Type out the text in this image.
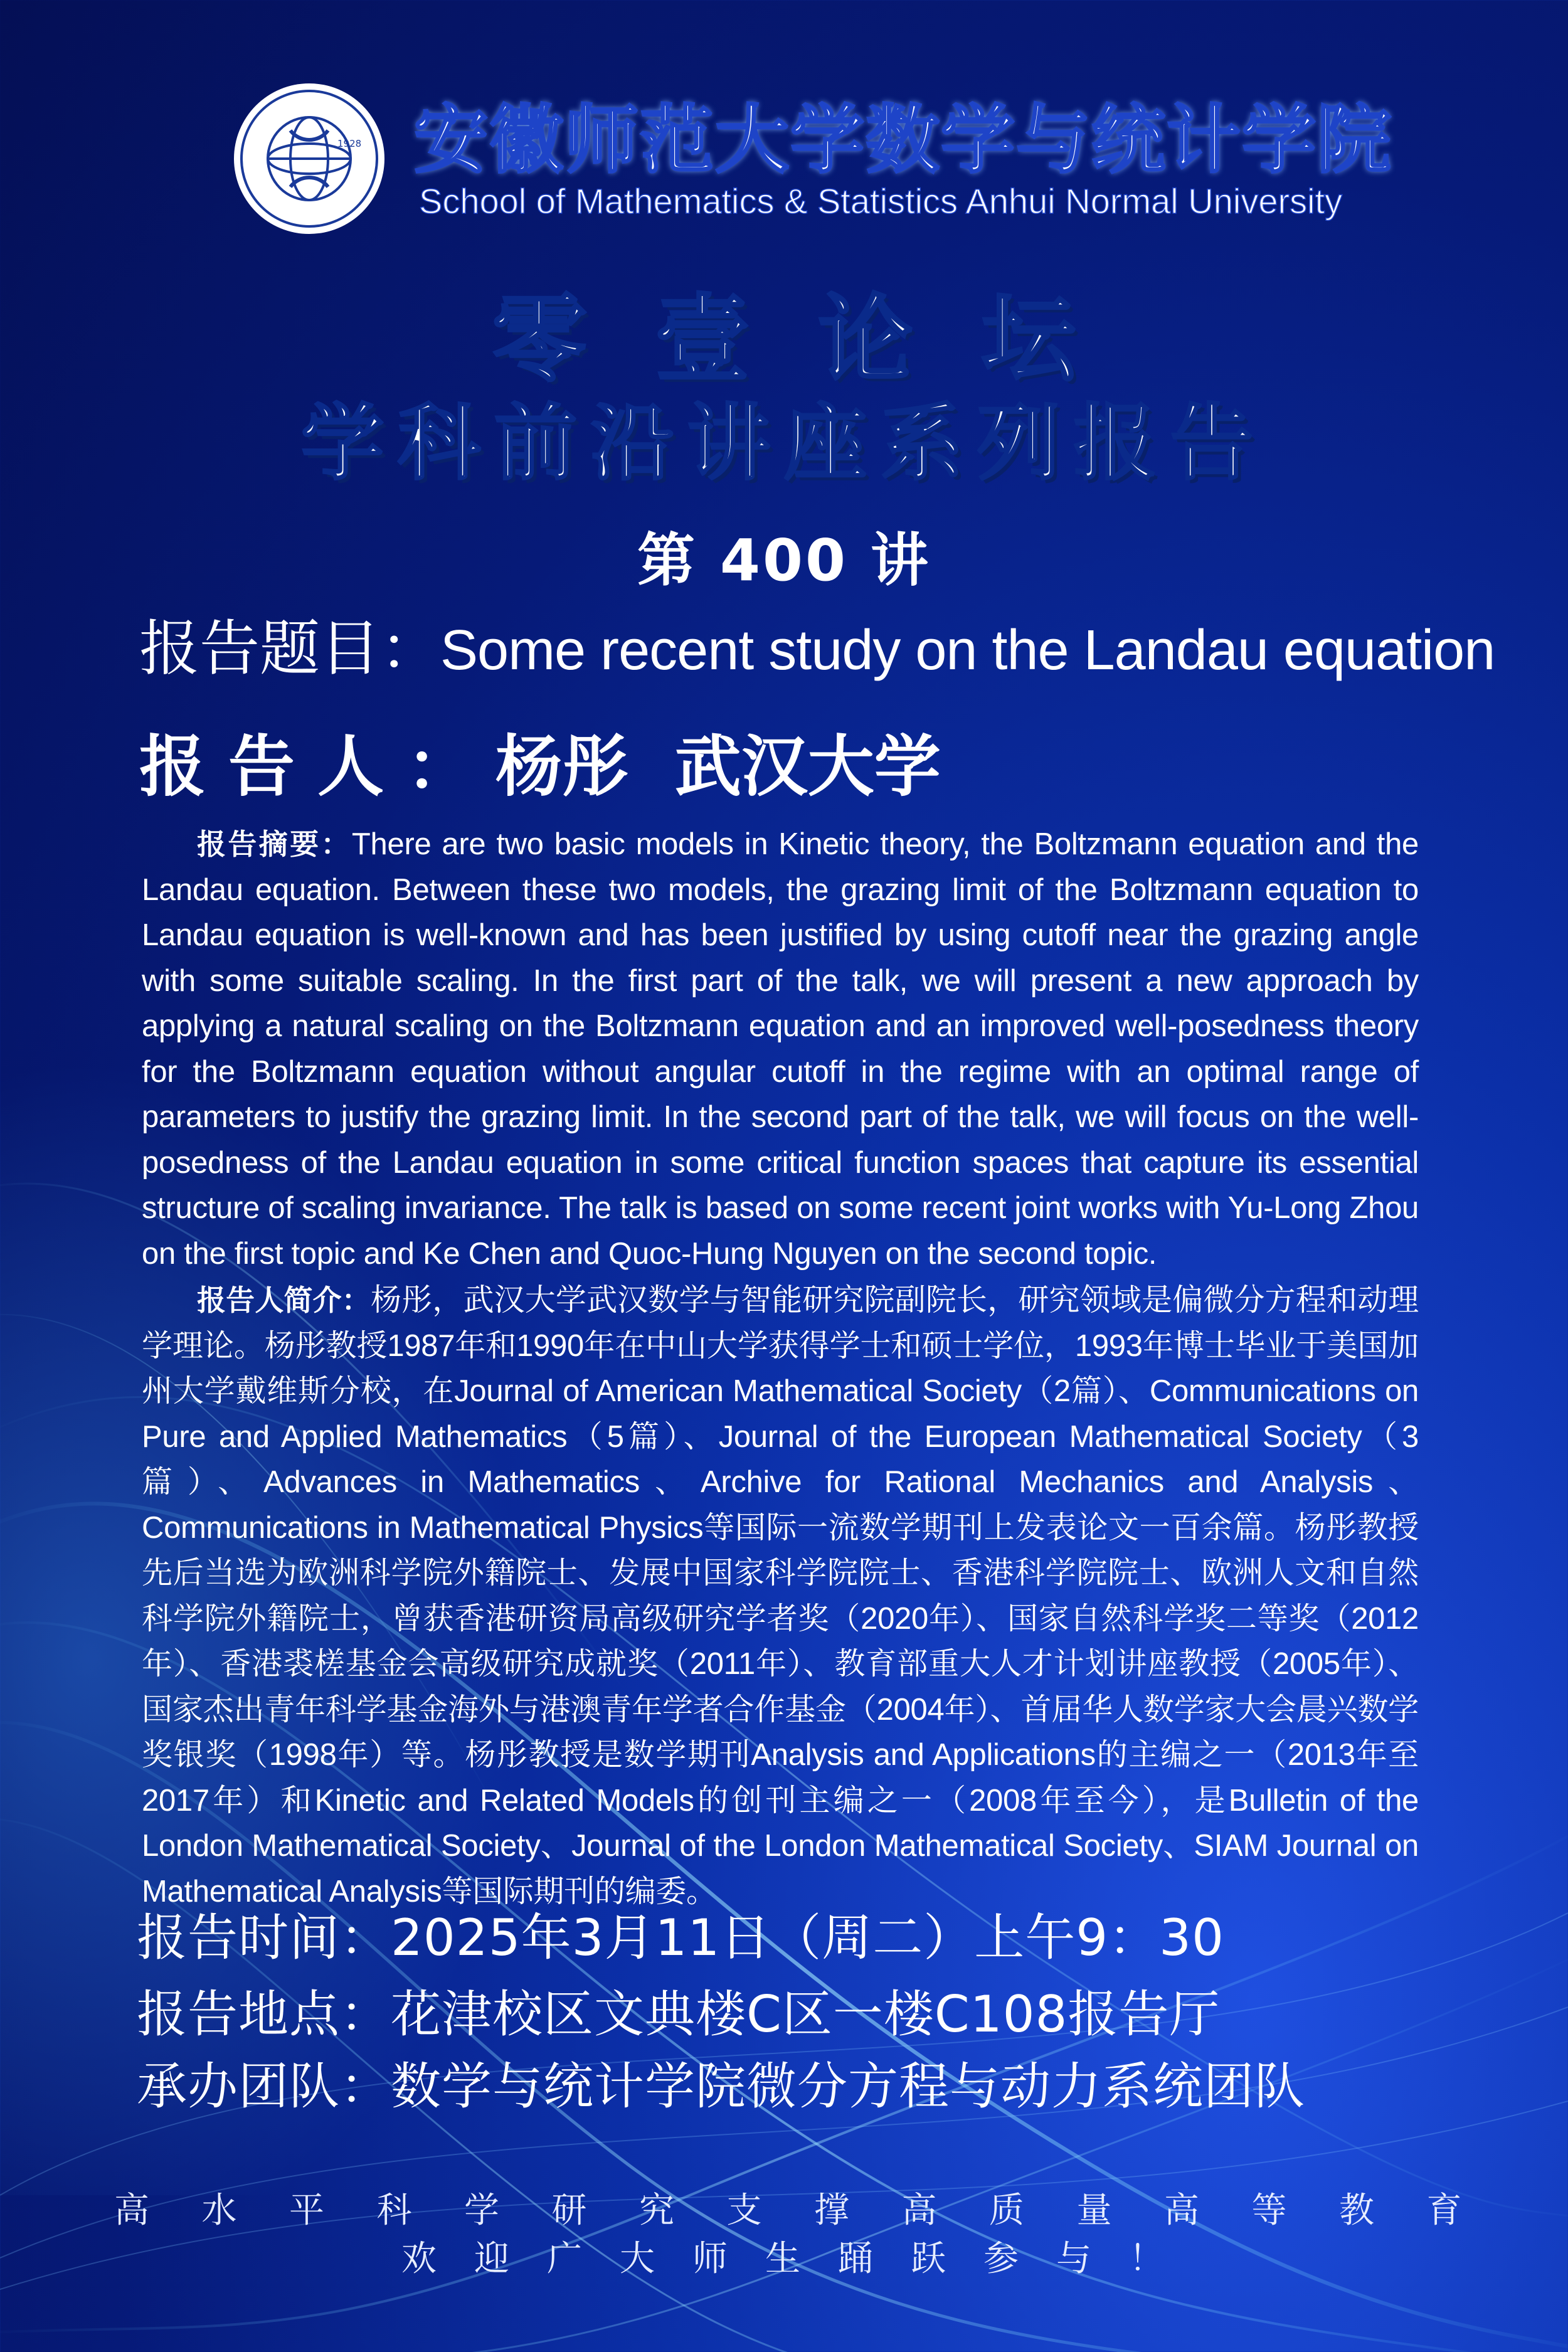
1928 安徽师范大学数学与统计学院
School of Mathematics & Statistics Anhui Normal University
零壹论坛
学科前沿讲座系列报告
第 400 讲
报告题目：Some recent study on the Landau equation
报告人：杨彤  武汉大学

报告摘要：There are two basic models in Kinetic theory, the Boltzmann equation and the Landau equation. Between these two models, the grazing limit of the Boltzmann equation to Landau equation is well-known and has been justified by using cutoff near the grazing angle with some suitable scaling. In the first part of the talk, we will present a new approach by applying a natural scaling on the Boltzmann equation and an improved well-posedness theory for the Boltzmann equation without angular cutoff in the regime with an optimal range of parameters to justify the grazing limit. In the second part of the talk, we will focus on the well-posedness of the Landau equation in some critical function spaces that capture its essential structure of scaling invariance. The talk is based on some recent joint works with Yu-Long Zhou on the first topic and Ke Chen and Quoc-Hung Nguyen on the second topic.

报告人简介：杨彤，武汉大学武汉数学与智能研究院副院长，研究领域是偏微分方程和动理学理论。杨彤教授1987年和1990年在中山大学获得学士和硕士学位，1993年博士毕业于美国加州大学戴维斯分校，在Journal of American Mathematical Society（2篇）、Communications on Pure and Applied Mathematics（5篇）、Journal of the European Mathematical Society（3篇）、Advances in Mathematics、Archive for Rational Mechanics and Analysis、Communications in Mathematical Physics等国际一流数学期刊上发表论文一百余篇。杨彤教授先后当选为欧洲科学院外籍院士、发展中国家科学院院士、香港科学院院士、欧洲人文和自然科学院外籍院士，曾获香港研资局高级研究学者奖（2020年）、国家自然科学奖二等奖（2012年）、香港裘槎基金会高级研究成就奖（2011年）、教育部重大人才计划讲座教授（2005年）、国家杰出青年科学基金海外与港澳青年学者合作基金（2004年）、首届华人数学家大会晨兴数学奖银奖（1998年）等。杨彤教授是数学期刊Analysis and Applications的主编之一（2013年至2017年）和Kinetic and Related Models的创刊主编之一（2008年至今），是Bulletin of the London Mathematical Society、Journal of the London Mathematical Society、SIAM Journal on Mathematical Analysis等国际期刊的编委。

报告时间：2025年3月11日（周二）上午9：30
报告地点：花津校区文典楼C区一楼C108报告厅
承办团队：数学与统计学院微分方程与动力系统团队
高水平科学研究支撑高质量高等教育
欢迎广大师生踊跃参与！
